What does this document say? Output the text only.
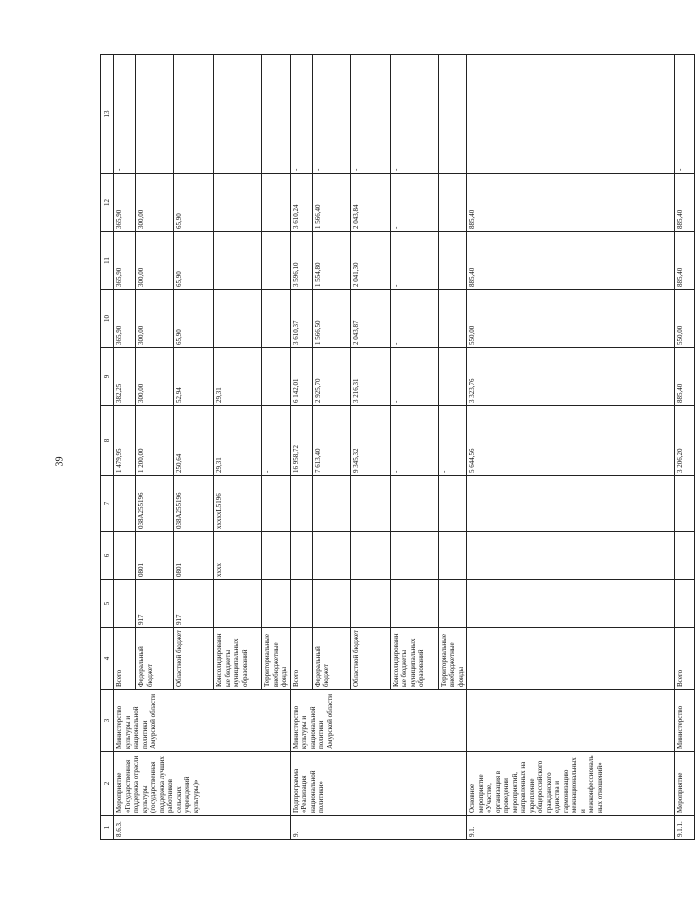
39
1	2	3	4	5	6	7	8	9	10	11	12	13
8.6.3.	Мероприятие «Государственная поддержка отрасли культуры (государственная поддержка лучших работников сельских учреждений культуры)»	Министерство культуры и национальной политики Амурской области	Всего				1 479,95	382,25	365,90	365,90	365,90	-
			Федеральный бюджет	917	0801	038A255196	1 200,00	300,00	300,00	300,00	300,00	
			Областной бюджет	917	0801	038A255196	250,64	52,94	65,90	65,90	65,90	
			Консолидированные бюджеты муниципальных образований		хххх	хххххL5196	29,31	29,31				
			Территориальные внебюджетные фонды				-					
9.	Подпрограмма «Реализация национальной политики»	Министерство культуры и национальной политики Амурской области	Всего				16 958,72	6 142,01	3 610,37	3 596,10	3 610,24	-
			Федеральный бюджет				7 613,40	2 925,70	1 566,50	1 554,80	1 566,40	-
			Областной бюджет				9 345,32	3 216,31	2 043,87	2 041,30	2 043,84	-
			Консолидированные бюджеты муниципальных образований				-	-	-	-	-	-
			Территориальные внебюджетные фонды				-					
9.1.	Основное мероприятие «Участие, организация в проведении мероприятий, направленных на укрепление общероссийского гражданского единства и гармонизацию межнациональных и межконфессиональных отношений»						5 644,56	3 323,76	550,00	885,40	885,40	
9.1.1.	Мероприятие	Министерство	Всего				3 206,20	885,40	550,00	885,40	885,40	-
